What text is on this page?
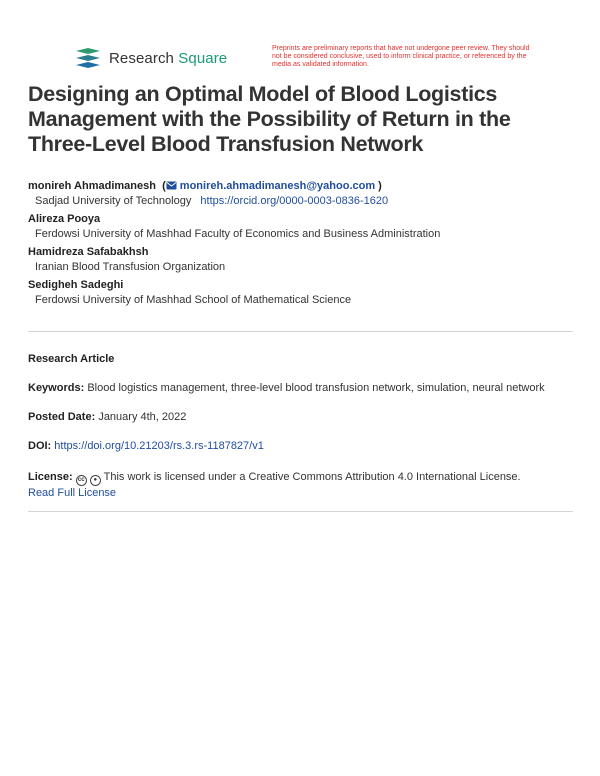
Research Square
Preprints are preliminary reports that have not undergone peer review. They should not be considered conclusive, used to inform clinical practice, or referenced by the media as validated information.
Designing an Optimal Model of Blood Logistics Management with the Possibility of Return in the Three-Level Blood Transfusion Network
monireh Ahmadimanesh  ( monireh.ahmadimanesh@yahoo.com )
Sadjad University of Technology https://orcid.org/0000-0003-0836-1620
Alireza Pooya
Ferdowsi University of Mashhad Faculty of Economics and Business Administration
Hamidreza Safabakhsh
Iranian Blood Transfusion Organization
Sedigheh Sadeghi
Ferdowsi University of Mashhad School of Mathematical Science
Research Article
Keywords: Blood logistics management, three-level blood transfusion network, simulation, neural network
Posted Date: January 4th, 2022
DOI: https://doi.org/10.21203/rs.3.rs-1187827/v1
License: cc ● This work is licensed under a Creative Commons Attribution 4.0 International License.
Read Full License
